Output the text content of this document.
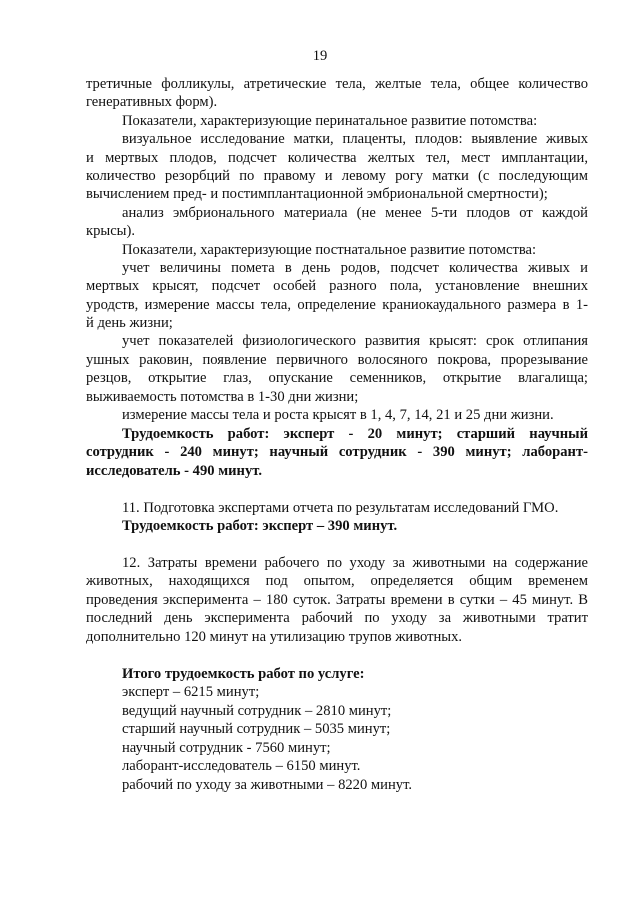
19
третичные фолликулы, атретические тела, желтые тела, общее количество
генеративных форм).
Показатели, характеризующие перинатальное развитие потомства:
визуальное исследование матки, плаценты, плодов: выявление живых
и мертвых плодов, подсчет количества желтых тел, мест имплантации,
количество резорбций по правому и левому рогу матки (с последующим
вычислением пред- и постимплантационной эмбриональной смертности);
анализ эмбрионального материала (не менее 5-ти плодов от каждой
крысы).
Показатели, характеризующие постнатальное развитие потомства:
учет величины помета в день родов, подсчет количества живых и
мертвых крысят, подсчет особей разного пола, установление внешних
уродств, измерение массы тела, определение краниокаудального размера в 1-
й день жизни;
учет показателей физиологического развития крысят: срок отлипания
ушных раковин, появление первичного волосяного покрова, прорезывание
резцов, открытие глаз, опускание семенников, открытие влагалища;
выживаемость потомства в 1-30 дни жизни;
измерение массы тела и роста крысят в 1, 4, 7, 14, 21 и 25 дни жизни.
Трудоемкость работ: эксперт - 20 минут; старший научный
сотрудник - 240 минут; научный сотрудник - 390 минут; лаборант-
исследователь - 490 минут.
11. Подготовка экспертами отчета по результатам исследований ГМО.
Трудоемкость работ: эксперт – 390 минут.
12. Затраты времени рабочего по уходу за животными на содержание
животных, находящихся под опытом, определяется общим временем
проведения эксперимента – 180 суток. Затраты времени в сутки – 45 минут. В
последний день эксперимента рабочий по уходу за животными тратит
дополнительно 120 минут на утилизацию трупов животных.
Итого трудоемкость работ по услуге:
эксперт – 6215 минут;
ведущий научный сотрудник – 2810 минут;
старший научный сотрудник – 5035 минут;
научный сотрудник - 7560 минут;
лаборант-исследователь – 6150 минут.
рабочий по уходу за животными – 8220 минут.
